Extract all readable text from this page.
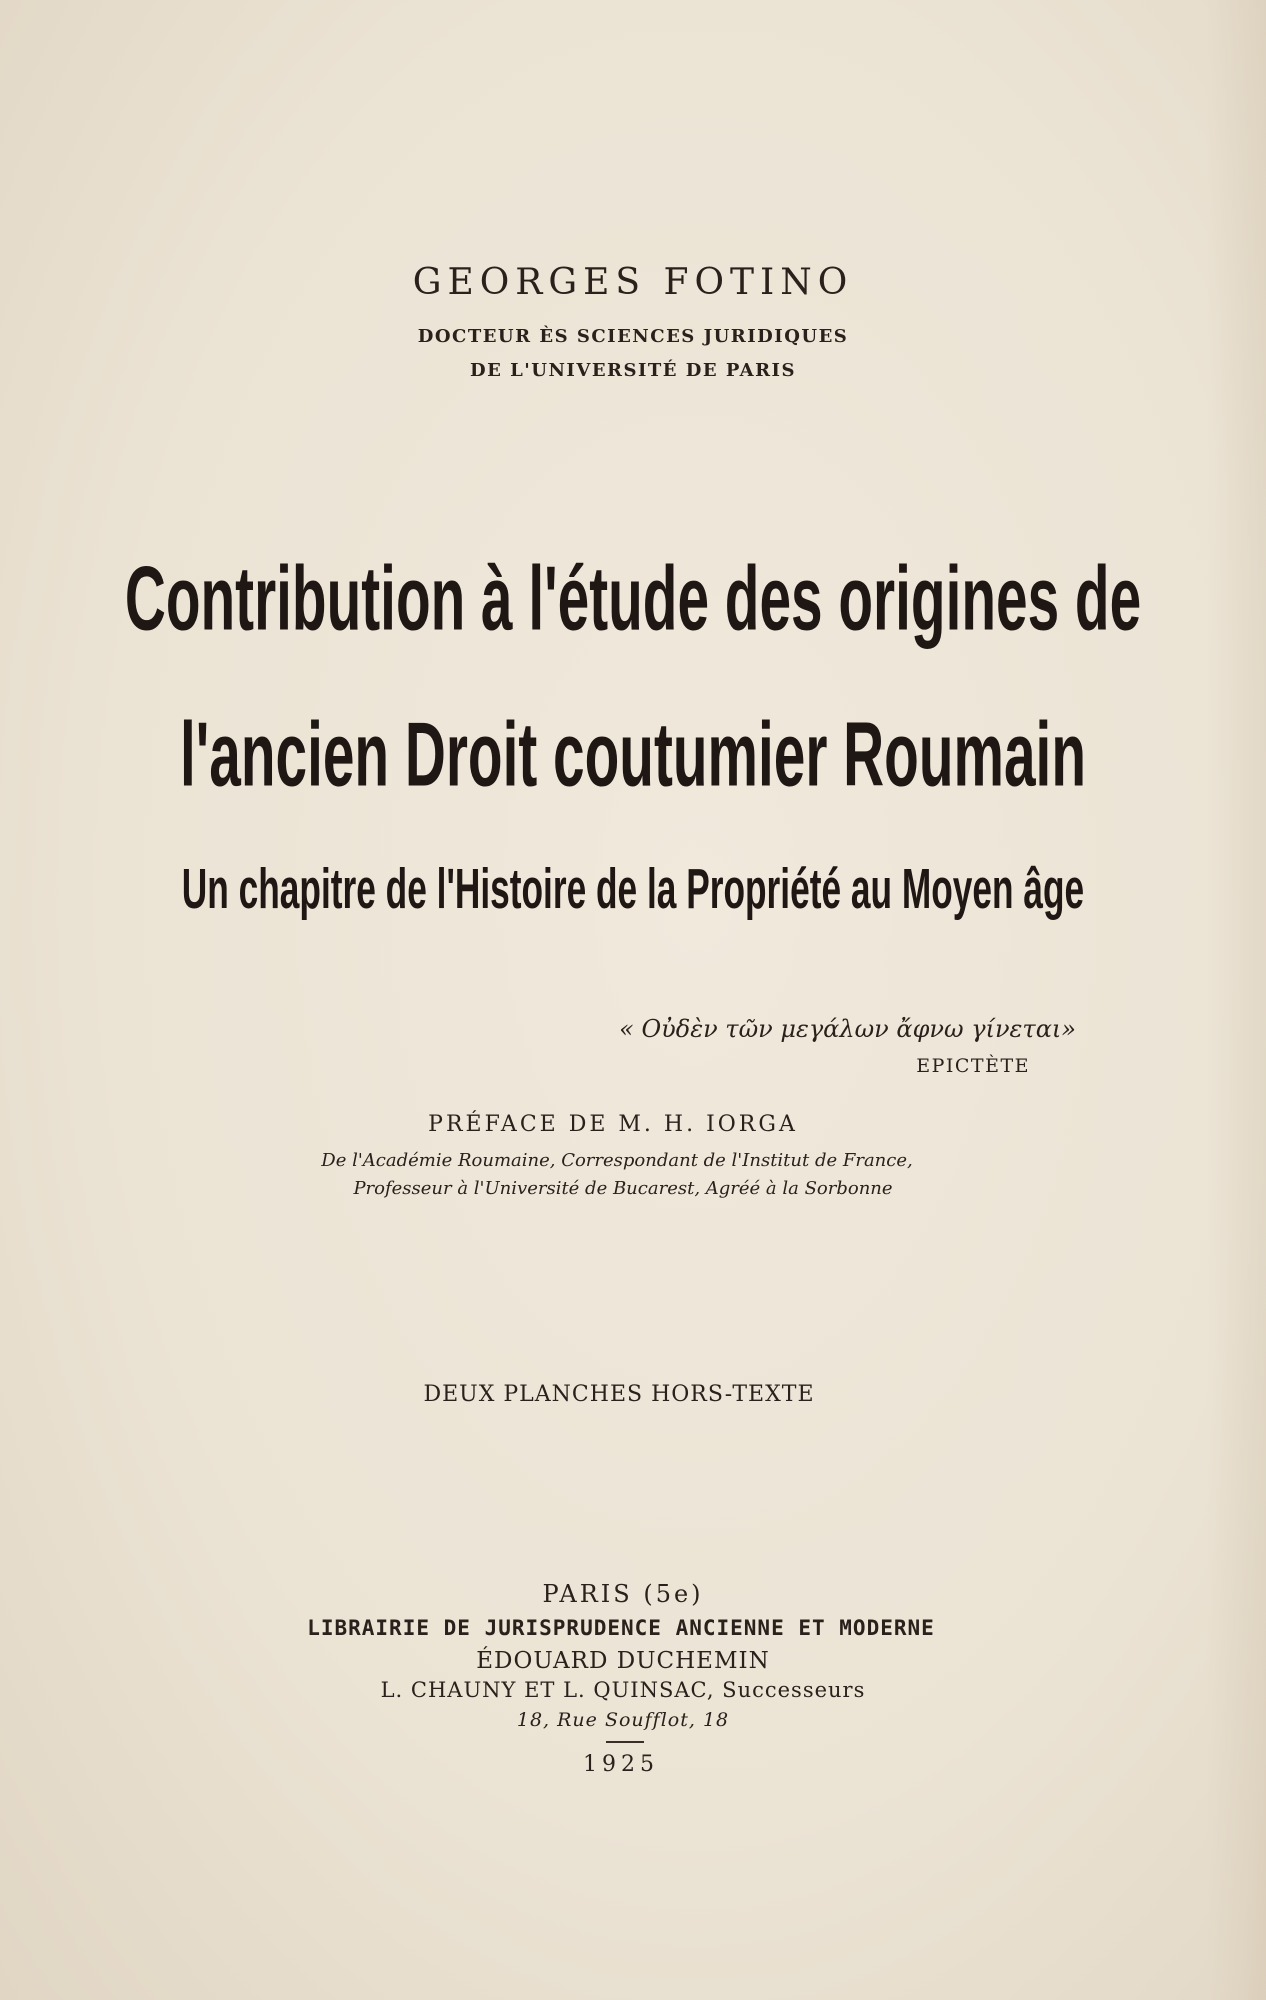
GEORGES FOTINO
DOCTEUR ÈS SCIENCES JURIDIQUES
DE L'UNIVERSITÉ DE PARIS
Contribution à l'étude des origines de
l'ancien Droit coutumier Roumain
Un chapitre de l'Histoire de la Propriété au Moyen âge
« Οὐδὲν τῶν μεγάλων ἄφνω γίνεται»
EPICTÈTE
PRÉFACE DE M. H. IORGA
De l'Académie Roumaine, Correspondant de l'Institut de France,
Professeur à l'Université de Bucarest, Agréé à la Sorbonne
DEUX PLANCHES HORS-TEXTE
PARIS (5e)
LIBRAIRIE DE JURISPRUDENCE ANCIENNE ET MODERNE
ÉDOUARD DUCHEMIN
L. CHAUNY ET L. QUINSAC, Successeurs
18, Rue Soufflot, 18
1925
